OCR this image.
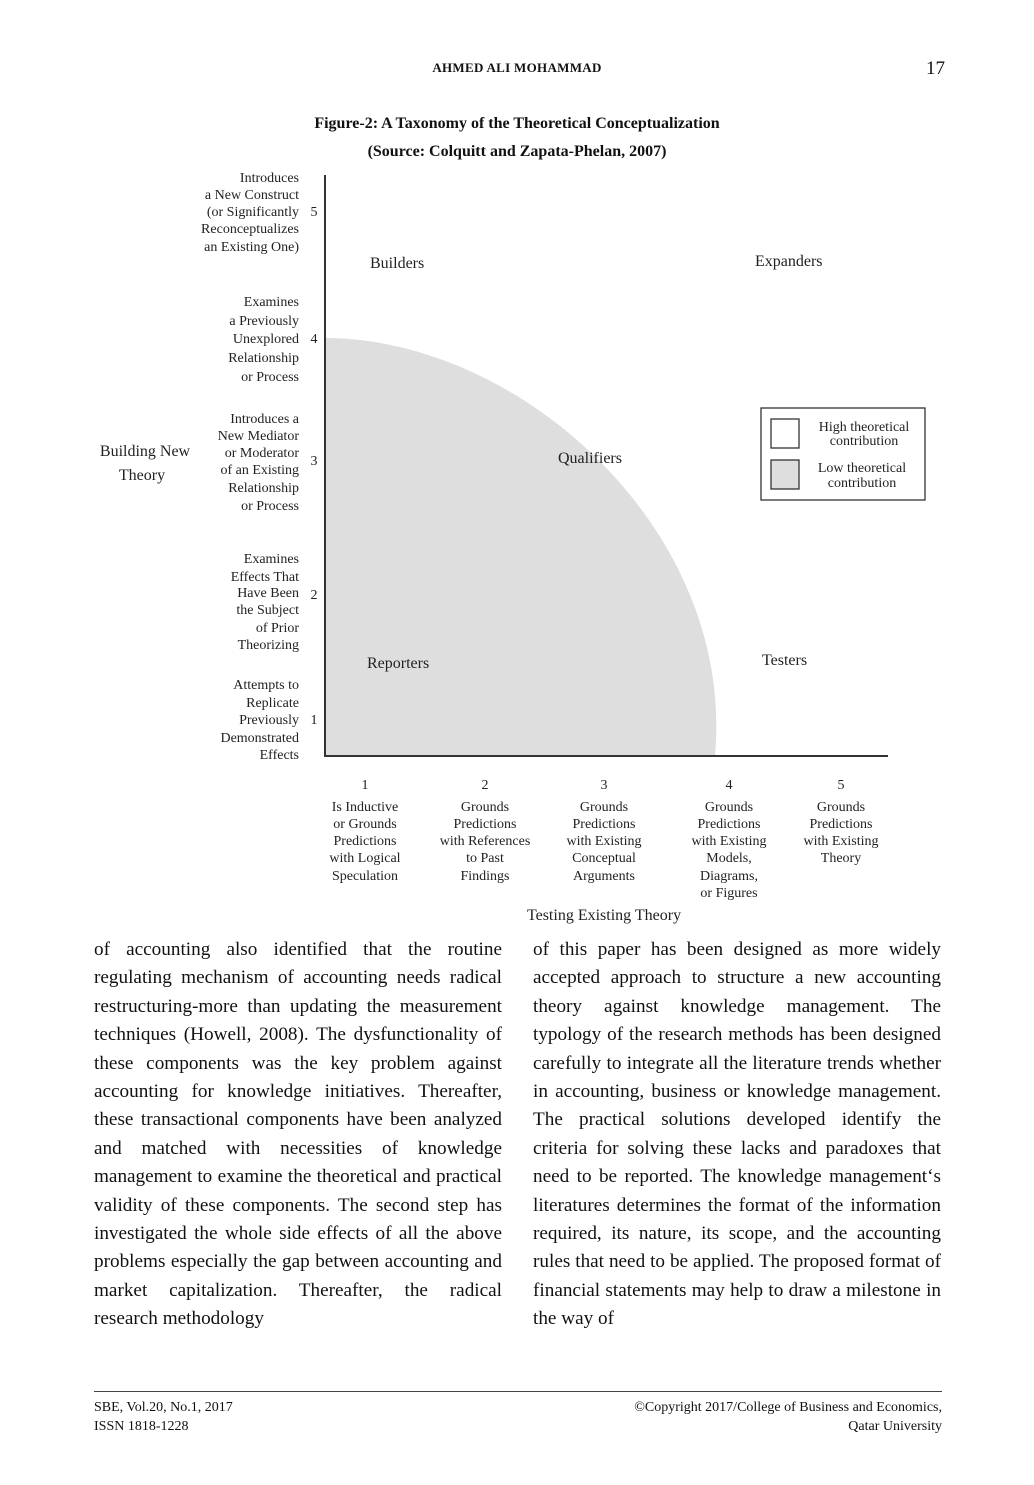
AHMED ALI MOHAMMAD	17
Figure-2: A Taxonomy of the Theoretical Conceptualization
(Source: Colquitt and Zapata-Phelan, 2007)
Building New
Theory
Introduces
a New Construct
(or Significantly
Reconceptualizes
an Existing One)
5
Examines
a Previously
Unexplored
Relationship
or Process
4
Introduces a
New Mediator
or Moderator
of an Existing
Relationship
or Process
3
Examines
Effects That
Have Been
the Subject
of Prior
Theorizing
2
Attempts to
Replicate
Previously
Demonstrated
Effects
1
Builders	Expanders
Qualifiers
Reporters	Testers
High theoretical
contribution
Low theoretical
contribution
1
Is Inductive
or Grounds
Predictions
with Logical
Speculation
2
Grounds
Predictions
with References
to Past
Findings
3
Grounds
Predictions
with Existing
Conceptual
Arguments
4
Grounds
Predictions
with Existing
Models,
Diagrams,
or Figures
5
Grounds
Predictions
with Existing
Theory
Testing Existing Theory

of accounting also identified that the routine regulating mechanism of accounting needs radical restructuring-more than updating the measurement techniques (Howell, 2008). The dysfunctionality of these components was the key problem against accounting for knowledge initiatives. Thereafter, these transactional components have been analyzed and matched with necessities of knowledge management to examine the theoretical and practical validity of these components. The second step has investigated the whole side effects of all the above problems especially the gap between accounting and market capitalization. Thereafter, the radical research methodology

of this paper has been designed as more widely accepted approach to structure a new accounting theory against knowledge management. The typology of the research methods has been designed carefully to integrate all the literature trends whether in accounting, business or knowledge management. The practical solutions developed identify the criteria for solving these lacks and paradoxes that need to be reported. The knowledge management‘s literatures determines the format of the information required, its nature, its scope, and the accounting rules that need to be applied. The proposed format of financial statements may help to draw a milestone in the way of

SBE, Vol.20, No.1, 2017
ISSN 1818-1228
©Copyright 2017/College of Business and Economics,
Qatar University
